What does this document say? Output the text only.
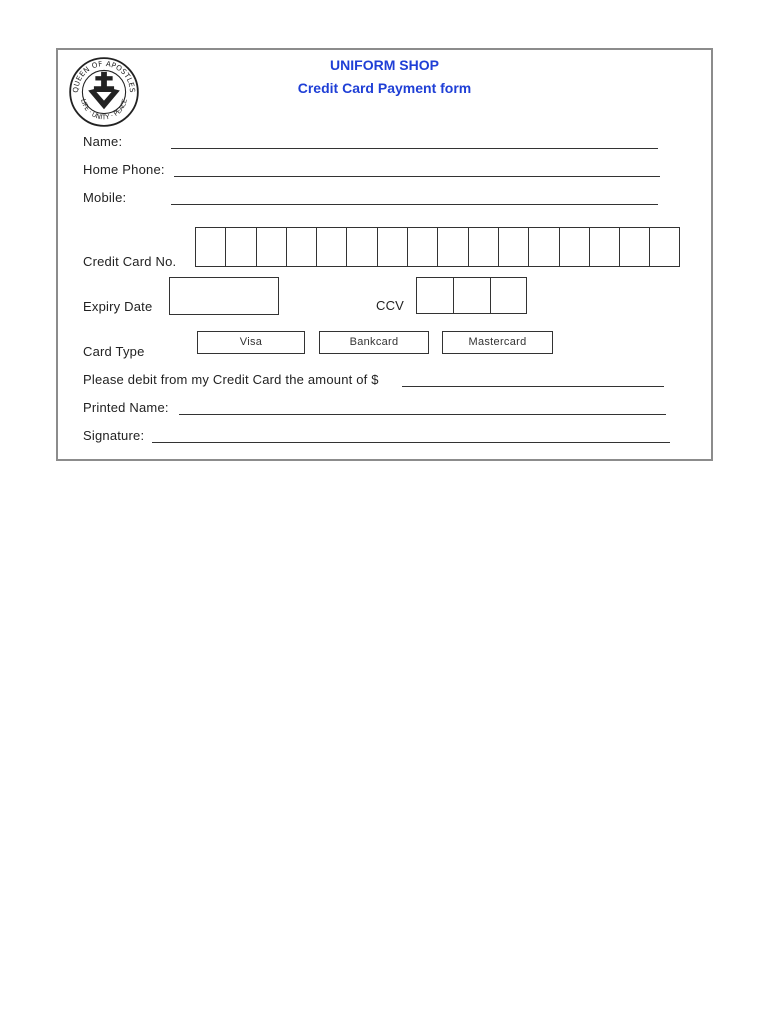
QUEEN OF APOSTLES
LIFE · UNITY · PEACE
UNIFORM SHOP
Credit Card Payment form
Name:
Home Phone:
Mobile:
Credit Card No.
Expiry Date	CCV
Card Type
Visa	Bankcard	Mastercard
Please debit from my Credit Card the amount of $
Printed Name:
Signature:
